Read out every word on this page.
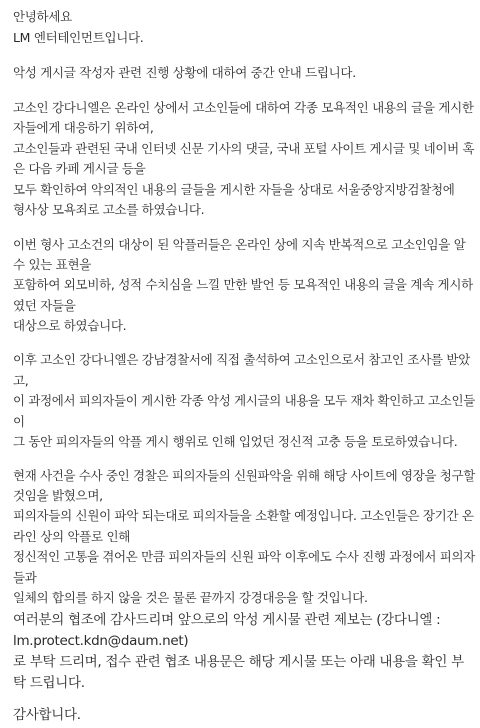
안녕하세요
LM 엔터테인먼트입니다.
악성 게시글 작성자 관련 진행 상황에 대하여 중간 안내 드립니다.
고소인 강다니엘은 온라인 상에서 고소인들에 대하여 각종 모욕적인 내용의 글을 게시한
자들에게 대응하기 위하여,
고소인들과 관련된 국내 인터넷 신문 기사의 댓글, 국내 포털 사이트 게시글 및 네이버 혹
은 다음 카페 게시글 등을
모두 확인하여 악의적인 내용의 글들을 게시한 자들을 상대로 서울중앙지방검찰청에
형사상 모욕죄로 고소를 하였습니다.
이번 형사 고소건의 대상이 된 악플러들은 온라인 상에 지속 반복적으로 고소인임을 알
수 있는 표현을
포함하여 외모비하, 성적 수치심을 느낄 만한 발언 등 모욕적인 내용의 글을 계속 게시하
였던 자들을
대상으로 하였습니다.
이후 고소인 강다니엘은 강남경찰서에 직접 출석하여 고소인으로서 참고인 조사를 받았
고,
이 과정에서 피의자들이 게시한 각종 악성 게시글의 내용을 모두 재차 확인하고 고소인들
이
그 동안 피의자들의 악플 게시 행위로 인해 입었던 정신적 고충 등을 토로하였습니다.
현재 사건을 수사 중인 경찰은 피의자들의 신원파악을 위해 해당 사이트에 영장을 청구할
것임을 밝혔으며,
피의자들의 신원이 파악 되는대로 피의자들을 소환할 예정입니다. 고소인들은 장기간 온
라인 상의 악플로 인해
정신적인 고통을 겪어온 만큼 피의자들의 신원 파악 이후에도 수사 진행 과정에서 피의자
들과
일체의 합의를 하지 않을 것은 물론 끝까지 강경대응을 할 것입니다.
여러분의 협조에 감사드리며 앞으로의 악성 게시물 관련 제보는 (강다니엘 :
lm.protect.kdn@daum.net)
로 부탁 드리며, 접수 관련 협조 내용문은 해당 게시물 또는 아래 내용을 확인 부
탁 드립니다.
감사합니다.
